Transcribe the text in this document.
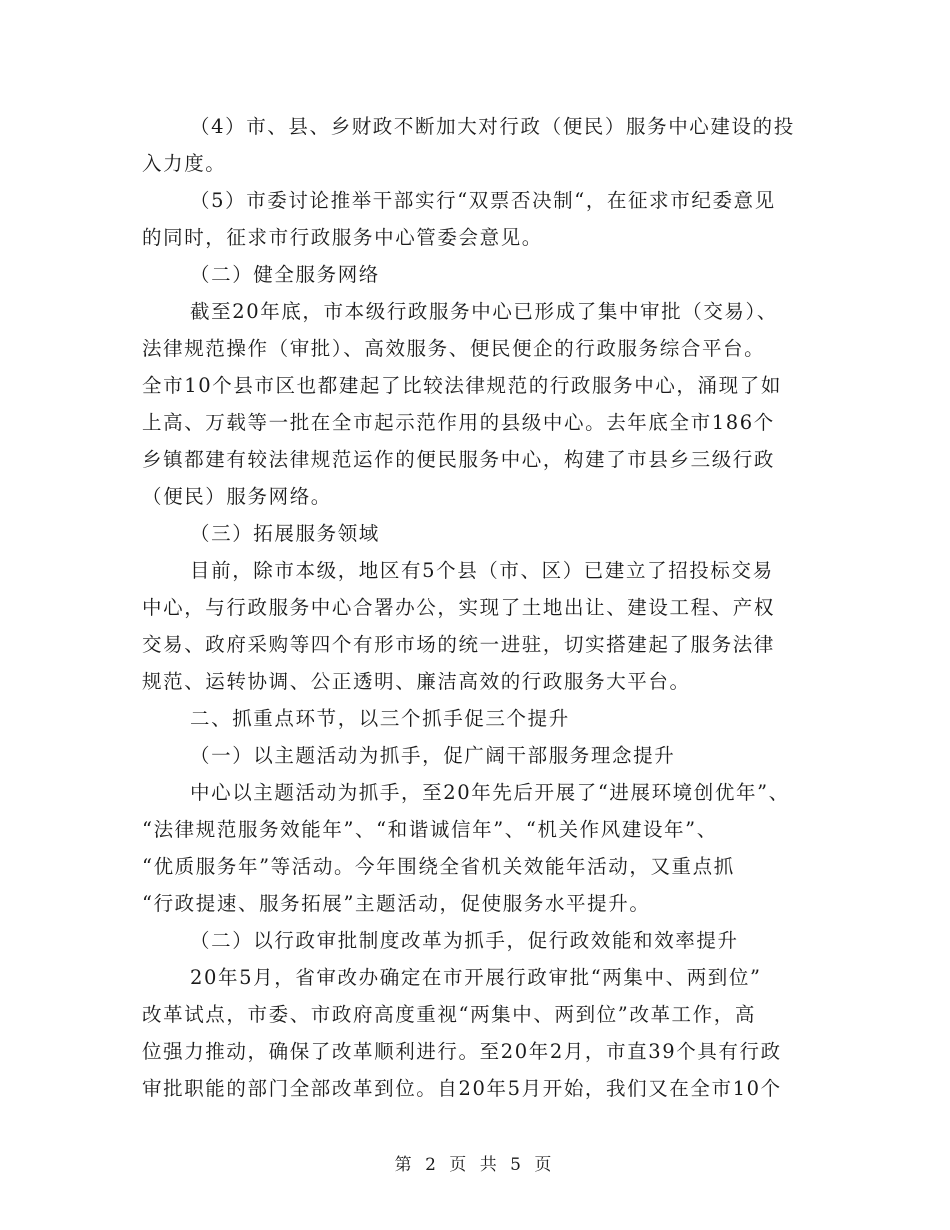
（4）市、县、乡财政不断加大对行政（便民）服务中心建设的投
入力度。
（5）市委讨论推举干部实行“双票否决制“，在征求市纪委意见
的同时，征求市行政服务中心管委会意见。
（二）健全服务网络
截至20年底，市本级行政服务中心已形成了集中审批（交易）、
法律规范操作（审批）、高效服务、便民便企的行政服务综合平台。
全市10个县市区也都建起了比较法律规范的行政服务中心，涌现了如
上高、万载等一批在全市起示范作用的县级中心。去年底全市186个
乡镇都建有较法律规范运作的便民服务中心，构建了市县乡三级行政
（便民）服务网络。
（三）拓展服务领域
目前，除市本级，地区有5个县（市、区）已建立了招投标交易
中心，与行政服务中心合署办公，实现了土地出让、建设工程、产权
交易、政府采购等四个有形市场的统一进驻，切实搭建起了服务法律
规范、运转协调、公正透明、廉洁高效的行政服务大平台。
二、抓重点环节，以三个抓手促三个提升
（一）以主题活动为抓手，促广阔干部服务理念提升
中心以主题活动为抓手，至20年先后开展了“进展环境创优年”、
“法律规范服务效能年”、“和谐诚信年”、“机关作风建设年”、
“优质服务年”等活动。今年围绕全省机关效能年活动，又重点抓
“行政提速、服务拓展”主题活动，促使服务水平提升。
（二）以行政审批制度改革为抓手，促行政效能和效率提升
20年5月，省审改办确定在市开展行政审批“两集中、两到位”
改革试点，市委、市政府高度重视“两集中、两到位”改革工作，高
位强力推动，确保了改革顺利进行。至20年2月，市直39个具有行政
审批职能的部门全部改革到位。自20年5月开始，我们又在全市10个
第 2 页 共 5 页
